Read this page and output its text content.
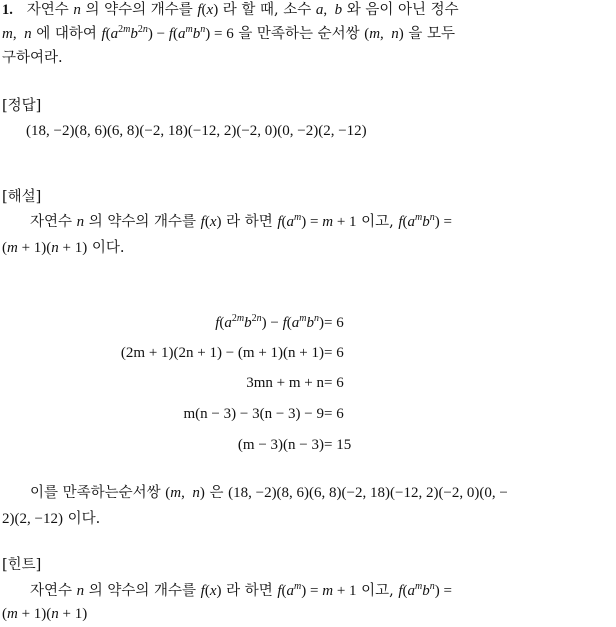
1. 자연수 n 의 약수의 개수를 f(x) 라 할 때, 소수 a,  b 와 음이 아닌 정수
m,  n 에 대하여 $f(a^{2m}b^{2n}) - f(a^mb^n) = 6$ 을 만족하는 순서쌍 (m,  n) 을 모두
구하여라.
[정답]
(18, −2)(8, 6)(6, 8)(−2, 18)(−12, 2)(−2, 0)(0, −2)(2, −12)
[해설]
자연수 n 의 약수의 개수를 f(x) 라 하면 $f(a^m) = m + 1$ 이고, $f(a^mb^n)$ =
(m + 1)(n + 1) 이다.
$f(a^{2m}b^{2n}) - f(a^mb^n) = 6$
(2m + 1)(2n + 1) − (m + 1)(n + 1) = 6
3mn + m + n = 6
m(n − 3) − 3(n − 3) − 9 = 6
(m − 3)(n − 3) = 15
이를 만족하는순서쌍 (m,  n) 은 (18, −2)(8, 6)(6, 8)(−2, 18)(−12, 2)(−2, 0)(0, −
2)(2, −12) 이다.
[힌트]
자연수 n 의 약수의 개수를 f(x) 라 하면 $f(a^m) = m + 1$ 이고, $f(a^mb^n)$ =
(m + 1)(n + 1)
